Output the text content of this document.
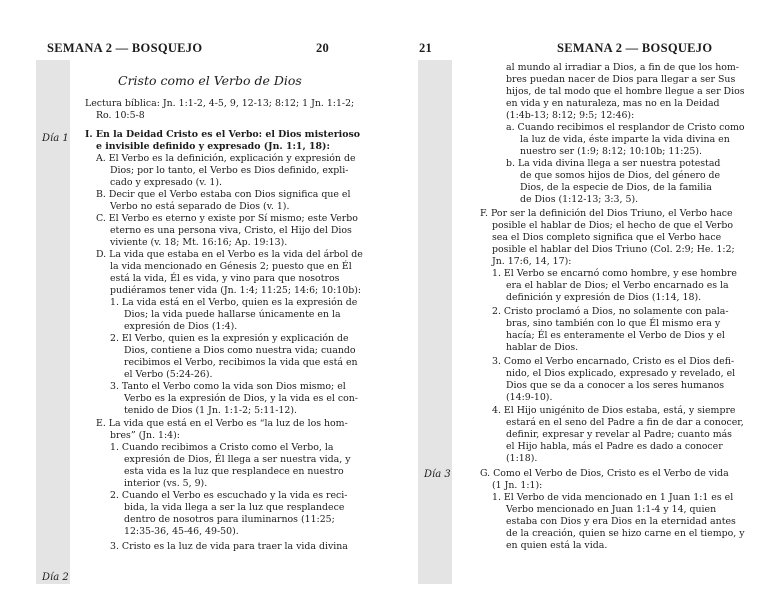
SEMANA 2 — BOSQUEJO	20
Día 1
Día 2
Cristo como el Verbo de Dios
Lectura bíblica: Jn. 1:1-2, 4-5, 9, 12-13; 8:12; 1 Jn. 1:1-2;
Ro. 10:5-8
I. En la Deidad Cristo es el Verbo: el Dios misterioso
e invisible definido y expresado (Jn. 1:1, 18):
A. El Verbo es la definición, explicación y expresión de
Dios; por lo tanto, el Verbo es Dios definido, expli-
cado y expresado (v. 1).
B. Decir que el Verbo estaba con Dios significa que el
Verbo no está separado de Dios (v. 1).
C. El Verbo es eterno y existe por Sí mismo; este Verbo
eterno es una persona viva, Cristo, el Hijo del Dios
viviente (v. 18; Mt. 16:16; Ap. 19:13).
D. La vida que estaba en el Verbo es la vida del árbol de
la vida mencionado en Génesis 2; puesto que en Él
está la vida, Él es vida, y vino para que nosotros
pudiéramos tener vida (Jn. 1:4; 11:25; 14:6; 10:10b):
1. La vida está en el Verbo, quien es la expresión de
Dios; la vida puede hallarse únicamente en la
expresión de Dios (1:4).
2. El Verbo, quien es la expresión y explicación de
Dios, contiene a Dios como nuestra vida; cuando
recibimos el Verbo, recibimos la vida que está en
el Verbo (5:24-26).
3. Tanto el Verbo como la vida son Dios mismo; el
Verbo es la expresión de Dios, y la vida es el con-
tenido de Dios (1 Jn. 1:1-2; 5:11-12).
E. La vida que está en el Verbo es “la luz de los hom-
bres” (Jn. 1:4):
1. Cuando recibimos a Cristo como el Verbo, la
expresión de Dios, Él llega a ser nuestra vida, y
esta vida es la luz que resplandece en nuestro
interior (vs. 5, 9).
2. Cuando el Verbo es escuchado y la vida es reci-
bida, la vida llega a ser la luz que resplandece
dentro de nosotros para iluminarnos (11:25;
12:35-36, 45-46, 49-50).
3. Cristo es la luz de vida para traer la vida divina
21	SEMANA 2 — BOSQUEJO
Día 3
al mundo al irradiar a Dios, a fin de que los hom-
bres puedan nacer de Dios para llegar a ser Sus
hijos, de tal modo que el hombre llegue a ser Dios
en vida y en naturaleza, mas no en la Deidad
(1:4b-13; 8:12; 9:5; 12:46):
a. Cuando recibimos el resplandor de Cristo como
la luz de vida, éste imparte la vida divina en
nuestro ser (1:9; 8:12; 10:10b; 11:25).
b. La vida divina llega a ser nuestra potestad
de que somos hijos de Dios, del género de
Dios, de la especie de Dios, de la familia
de Dios (1:12-13; 3:3, 5).
F. Por ser la definición del Dios Triuno, el Verbo hace
posible el hablar de Dios; el hecho de que el Verbo
sea el Dios completo significa que el Verbo hace
posible el hablar del Dios Triuno (Col. 2:9; He. 1:2;
Jn. 17:6, 14, 17):
1. El Verbo se encarnó como hombre, y ese hombre
era el hablar de Dios; el Verbo encarnado es la
definición y expresión de Dios (1:14, 18).
2. Cristo proclamó a Dios, no solamente con pala-
bras, sino también con lo que Él mismo era y
hacía; Él es enteramente el Verbo de Dios y el
hablar de Dios.
3. Como el Verbo encarnado, Cristo es el Dios defi-
nido, el Dios explicado, expresado y revelado, el
Dios que se da a conocer a los seres humanos
(14:9-10).
4. El Hijo unigénito de Dios estaba, está, y siempre
estará en el seno del Padre a fin de dar a conocer,
definir, expresar y revelar al Padre; cuanto más
el Hijo habla, más el Padre es dado a conocer
(1:18).
G. Como el Verbo de Dios, Cristo es el Verbo de vida
(1 Jn. 1:1):
1. El Verbo de vida mencionado en 1 Juan 1:1 es el
Verbo mencionado en Juan 1:1-4 y 14, quien
estaba con Dios y era Dios en la eternidad antes
de la creación, quien se hizo carne en el tiempo, y
en quien está la vida.
